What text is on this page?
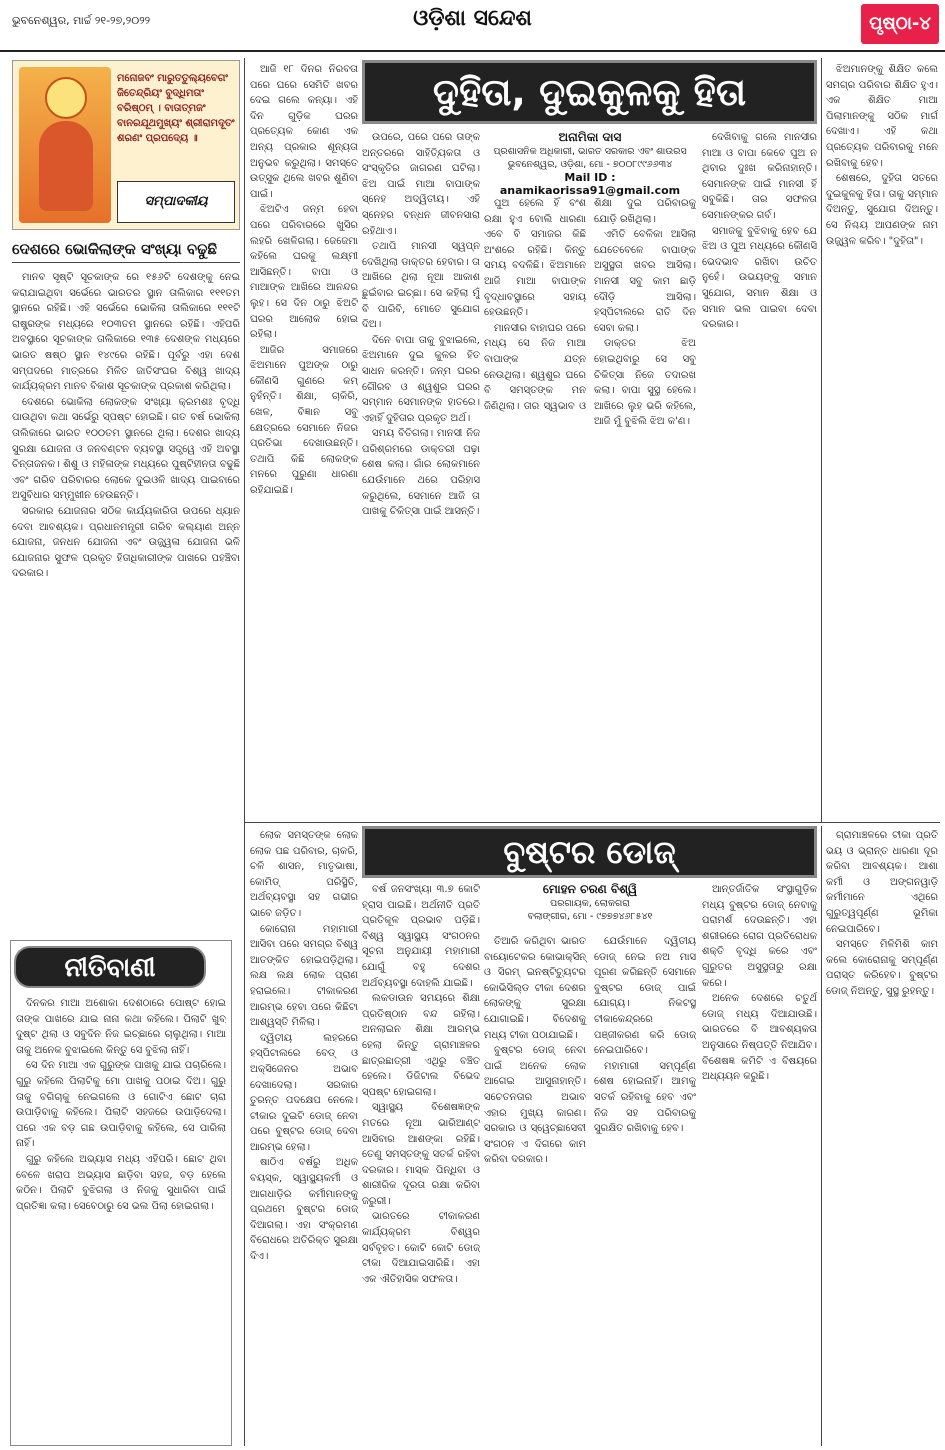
ଭୁବନେଶ୍ୱର, ମାର୍ଚ୍ଚ ୨୧-୨୭,୨୦୨୨	ଓଡ଼ିଶା ସନ୍ଦେଶ	ପୃଷ୍ଠା-୪
ମନୋଜବଂ ମାରୁତତୁଲ୍ୟବେଗଂ ଜିତେନ୍ଦ୍ରିୟଂ ବୁଦ୍ଧିମତାଂ ବରିଷ୍ଠମ୍ । ବାତାତ୍ମଜଂ ବାନରଯୂଥମୁଖ୍ୟଂ ଶ୍ରୀରାମଦୂତଂ ଶରଣଂ ପ୍ରପଦ୍ୟେ ॥
ସମ୍ପାଦକୀୟ
ଦେଶରେ ଭୋକିଲାଙ୍କ ସଂଖ୍ୟା ବଢୁଛି

ମାନବ ସୃଷ୍ଟି ସୂଚକାଙ୍କ ରେ ୧୫୬ଟି ଦେଶଙ୍କୁ ନେଇ କରାଯାଇଥିବା ସର୍ଭେରେ ଭାରତର ସ୍ଥାନ ତାଲିକାର ୧୧୧ତମ ସ୍ଥାନରେ ରହିଛି। ଏହି ସର୍ଭେରେ ଭୋକିଲା ତାଲିକାରେ ୧୧୧ଟି ରାଷ୍ଟ୍ରଙ୍କ ମଧ୍ୟରେ ୧୦୩ତମ ସ୍ଥାନରେ ରହିଛି। ଏହିପରି ଅବସ୍ଥାରେ ସୂଚକାଙ୍କ ତାଲିକାରେ ୧୩୫ ଦେଶଙ୍କ ମଧ୍ୟରେ ଭାରତ ଷଷ୍ଠ ସ୍ଥାନ ୧୪୯ରେ ରହିଛି। ପୂର୍ବରୁ ଏହା ଦେଶ ସମ୍ପଦରେ ମାତ୍ରରେ ମିଳିତ ଜାତିସଂଘର ବିଶ୍ୱ ଖାଦ୍ୟ କାର୍ଯ୍ୟକ୍ରମ ମାନବ ବିକାଶ ସୂଚକାଙ୍କ ପ୍ରକାଶ କରିଥିଲା।

ଦେଶରେ ଭୋକିଲା ଲୋକଙ୍କ ସଂଖ୍ୟା କ୍ରମଶଃ ବୃଦ୍ଧି ପାଉଥିବା କଥା ସର୍ଭେରୁ ସ୍ପଷ୍ଟ ହୋଇଛି। ଗତ ବର୍ଷ ଭୋକିଲା ତାଲିକାରେ ଭାରତ ୧୦୦ତମ ସ୍ଥାନରେ ଥିଲା। ଦେଶର ଖାଦ୍ୟ ସୁରକ୍ଷା ଯୋଜନା ଓ ଜନବଣ୍ଟନ ବ୍ୟବସ୍ଥା ସତ୍ତ୍ୱେ ଏହି ଅବସ୍ଥା ଚିନ୍ତାଜନକ। ଶିଶୁ ଓ ମହିଳାଙ୍କ ମଧ୍ୟରେ ପୁଷ୍ଟିହୀନତା ବଢୁଛି ଏବଂ ଗରିବ ପରିବାରର ଲୋକେ ଦୁଇଓଳି ଖାଦ୍ୟ ପାଇବାରେ ଅସୁବିଧାର ସମ୍ମୁଖୀନ ହେଉଛନ୍ତି।

ସରକାର ଯୋଜନାର ସଠିକ କାର୍ଯ୍ୟକାରିତା ଉପରେ ଧ୍ୟାନ ଦେବା ଆବଶ୍ୟକ। ପ୍ରଧାନମନ୍ତ୍ରୀ ଗରିବ କଲ୍ୟାଣ ଅନ୍ନ ଯୋଜନା, ଜନଧନ ଯୋଜନା ଏବଂ ଉଜ୍ଜ୍ୱଳା ଯୋଜନା ଭଳି ଯୋଜନାର ସୁଫଳ ପ୍ରକୃତ ହିତାଧିକାରୀଙ୍କ ପାଖରେ ପହଞ୍ଚିବା ଦରକାର।

ନୀତିବାଣୀ

ଦିନକର ମାଆ ଅଶୋକା ଦେଶଠାରେ ପୋଷ୍ଟ ହୋଇ ତାଙ୍କ ପାଖରେ ଯାଇ ନାନା କଥା କହିଲେ। ପିଲାଟି ଖୁବ୍ ଦୁଷ୍ଟ ଥିଲା ଓ ସବୁଦିନ ନିଜ ଇଚ୍ଛାରେ ଚାଲୁଥିଲା। ମାଆ ତାକୁ ଅନେକ ବୁଝାଇଲେ କିନ୍ତୁ ସେ ବୁଝିଲା ନାହିଁ।

ସେ ଦିନ ମାଆ ଏକ ଗୁରୁଙ୍କ ପାଖକୁ ଯାଇ ପଚାରିଲେ। ଗୁରୁ କହିଲେ ପିଲାଟିକୁ ମୋ ପାଖକୁ ପଠାଇ ଦିଅ। ଗୁରୁ ତାକୁ ବଗିଚାକୁ ନେଇଗଲେ ଓ ଗୋଟିଏ ଛୋଟ ଚାରା ଉପାଡ଼ିବାକୁ କହିଲେ। ପିଲାଟି ସହଜରେ ଉପାଡ଼ିଦେଲା। ପରେ ଏକ ବଡ଼ ଗଛ ଉପାଡ଼ିବାକୁ କହିଲେ, ସେ ପାରିଲା ନାହିଁ।

ଗୁରୁ କହିଲେ ଅଭ୍ୟାସ ମଧ୍ୟ ଏହିପରି। ଛୋଟ ଥିବା ବେଳେ ଖରାପ ଅଭ୍ୟାସ ଛାଡ଼ିବା ସହଜ, ବଡ଼ ହେଲେ କଠିନ। ପିଲାଟି ବୁଝିଗଲା ଓ ନିଜକୁ ସୁଧାରିବା ପାଇଁ ପ୍ରତିଜ୍ଞା କଲା। ସେବେଠାରୁ ସେ ଭଲ ପିଲା ହୋଇଗଲା।

ଆଜି ୧୮ ଦିନର ନିରବତା ପରେ ଘରେ ସେମିତି ଖବର ଦେଇ ଗଲେ କନ୍ୟା। ଏହି ଦିନ ଗୁଡ଼ିକ ଘରର ପ୍ରତ୍ୟେକ କୋଣ ଏକ ଅନ୍ୟ ପ୍ରକାର ଶୂନ୍ୟତା ଅନୁଭବ କରୁଥିଲା। ସମସ୍ତେ ଉତ୍ସୁକ ଥିଲେ ଖବର ଶୁଣିବା ପାଇଁ।

ଝିଅଟିଏ ଜନ୍ମ ହେବା ପରେ ପରିବାରରେ ଖୁସିର ଲହରି ଖେଳିଗଲା। ଜେଜେମା କହିଲେ ଘରକୁ ଲକ୍ଷ୍ମୀ ଆସିଛନ୍ତି। ବାପା ଓ ମାଆଙ୍କ ଆଖିରେ ଆନନ୍ଦର ଲୁହ। ସେ ଦିନ ଠାରୁ ଝିଅଟି ଘରର ଆଲୋକ ହୋଇ ରହିଲା।

ଆଜିର ସମାଜରେ ଝିଅମାନେ ପୁଅଙ୍କ ଠାରୁ କୌଣସି ଗୁଣରେ କମ୍ ନୁହଁନ୍ତି। ଶିକ୍ଷା, ଚାକିରି, ଖେଳ, ବିଜ୍ଞାନ ସବୁ କ୍ଷେତ୍ରରେ ସେମାନେ ନିଜର ପ୍ରତିଭା ଦେଖାଉଛନ୍ତି। ତଥାପି କିଛି ଲୋକଙ୍କ ମନରେ ପୁରୁଣା ଧାରଣା ରହିଯାଇଛି।

ଦୁହିତା, ଦୁଇକୁଳକୁ ହିତା
ଅନାମିକା ଦାସ
ପ୍ରଶାସନିକ ଅଧିକାରୀ, ଭାରତ ସରକାର ଏବଂ ଶାଉରସ
ଭୁବନେଶ୍ୱର, ଓଡ଼ିଶା, ମୋ - ୭୦୦୮୯୯୬୬୩୪
Mail ID : anamikaorissa91@gmail.com

ଉପରେ, ପରେ ପରେ ତାଙ୍କ ଅନ୍ତରରେ ସାହିତ୍ୟିକତା ଓ ସଂସ୍କୃତିର ଜାଗରଣ ଘଟିଲା। ଝିଅ ପାଇଁ ମାଆ ବାପାଙ୍କ ସ୍ନେହ ଅଦ୍ୱିତୀୟ। ଏହି ସ୍ନେହର ବନ୍ଧନ ଜୀବନସାରା ରହିଥାଏ।

ତଥାପି ମାନସୀ ସ୍ୱପ୍ନ ଦେଖିଥିଲା ଡାକ୍ତର ହେବାର। ତା ଆଖିରେ ଥିଲା ନୂଆ ଆକାଶ ଛୁଇଁବାର ଇଚ୍ଛା। ସେ କହିଲା ମୁଁ ବି ପାରିବି, ମୋତେ ସୁଯୋଗ ଦିଅ।

ଦିନେ ବାପା ତାକୁ ବୁଝାଇଲେ, ଝିଅମାନେ ଦୁଇ କୁଳର ହିତ ସାଧନ କରନ୍ତି। ଜନ୍ମ ଘରର ଗୌରବ ଓ ଶ୍ୱଶୁର ଘରର ସମ୍ମାନ ସେମାନଙ୍କ ହାତରେ। ଏହାହିଁ ଦୁହିତାର ପ୍ରକୃତ ଅର୍ଥ।

ସମୟ ବିତିଗଲା। ମାନସୀ ନିଜ ପରିଶ୍ରମରେ ଡାକ୍ତରୀ ପଢ଼ା ଶେଷ କଲା। ଗାଁର ଲୋକମାନେ ଯେଉଁମାନେ ଥରେ ପରିହାସ କରୁଥିଲେ, ସେମାନେ ଆଜି ତା ପାଖକୁ ଚିକିତ୍ସା ପାଇଁ ଆସନ୍ତି।

ପୁଅ ହେଲେ ହିଁ ବଂଶ ରକ୍ଷା ହୁଏ ବୋଲି ଧାରଣା ଏବେ ବି ସମାଜର କିଛି ଅଂଶରେ ରହିଛି। କିନ୍ତୁ ସମୟ ବଦଳିଛି। ଝିଅମାନେ ଆଜି ମାଆ ବାପାଙ୍କ ବୃଦ୍ଧାବସ୍ଥାରେ ସହାୟ ହେଉଛନ୍ତି।

ମାନସୀର ବାହାଘର ପରେ ମଧ୍ୟ ସେ ନିଜ ମାଆ ବାପାଙ୍କ ଯତ୍ନ ନେଉଥିଲା। ଶ୍ୱଶୁର ଘରେ ବି ସମସ୍ତଙ୍କ ମନ ଜିଣିଥିଲା। ତାର ସ୍ୱଭାବ ଓ ଶିକ୍ଷା ଦୁଇ ପରିବାରକୁ ଯୋଡ଼ି ରଖିଥିଲା।

ଏମିତି ବେଳିକା ଆସିଲା ଯେତେବେଳେ ବାପାଙ୍କ ଅସୁସ୍ଥତା ଖବର ଆସିଲା। ମାନସୀ ସବୁ କାମ ଛାଡ଼ି ଦୌଡ଼ି ଆସିଲା। ହସ୍ପିଟାଲରେ ରାତି ଦିନ ସେବା କଲା।

ଡାକ୍ତର ଝିଅ ହୋଇଥିବାରୁ ସେ ସବୁ ଚିକିତ୍ସା ନିଜେ ତଦାରଖ କଲା। ବାପା ସୁସ୍ଥ ହେଲେ। ଆଖିରେ ଲୁହ ଭରି କହିଲେ, ଆଜି ମୁଁ ବୁଝିଲି ଝିଅ କ'ଣ।

ଦେଖିବାକୁ ଗଲେ ମାନସୀର ମାଆ ଓ ବାପା କେବେ ପୁଅ ନ ଥିବାର ଦୁଃଖ କରିନାହାନ୍ତି। ସେମାନଙ୍କ ପାଇଁ ମାନସୀ ହିଁ ସବୁକିଛି। ତାର ସଫଳତା ସେମାନଙ୍କର ଗର୍ବ।

ସମାଜକୁ ବୁଝିବାକୁ ହେବ ଯେ ଝିଅ ଓ ପୁଅ ମଧ୍ୟରେ କୌଣସି ଭେଦଭାବ ରଖିବା ଉଚିତ ନୁହେଁ। ଉଭୟଙ୍କୁ ସମାନ ସୁଯୋଗ, ସମାନ ଶିକ୍ଷା ଓ ସମାନ ଭଲ ପାଇବା ଦେବା ଦରକାର।

ଝିଅମାନଙ୍କୁ ଶିକ୍ଷିତ କଲେ ସମଗ୍ର ପରିବାର ଶିକ୍ଷିତ ହୁଏ। ଏକ ଶିକ୍ଷିତ ମାଆ ପିଲାମାନଙ୍କୁ ସଠିକ ମାର୍ଗ ଦେଖାଏ। ଏହି କଥା ପ୍ରତ୍ୟେକ ପରିବାରକୁ ମନେ ରଖିବାକୁ ହେବ।

ଶେଷରେ, ଦୁହିତା ସତରେ ଦୁଇକୁଳକୁ ହିତା। ତାକୁ ସମ୍ମାନ ଦିଅନ୍ତୁ, ସୁଯୋଗ ଦିଅନ୍ତୁ। ସେ ନିଶ୍ଚୟ ଆପଣଙ୍କ ନାମ ଉଜ୍ଜ୍ୱଳ କରିବ। "ଦୁହିତା"।

ଲୋକ ସମସ୍ତଙ୍କ ଲୋକ ଲୋକ ପଛ ପରିବାର, ଚାକରି, ଚଳି ଶାସନ, ମାତୃଭାଷା, କୋମିଡ୍‌ ପରିସ୍ଥିତି, ଅର୍ଥବ୍ୟବସ୍ଥା ସହ ଗଭୀର ଭାବେ ଜଡ଼ିତ।

କୋରୋନା ମହାମାରୀ ଆସିବା ପରେ ସମଗ୍ର ବିଶ୍ୱ ଆତଙ୍କିତ ହୋଇପଡ଼ିଥିଲା। ଲକ୍ଷ ଲକ୍ଷ ଲୋକ ପ୍ରାଣ ହରାଇଲେ। ଟୀକାକରଣ ଆରମ୍ଭ ହେବା ପରେ କିଛିଟା ଆଶ୍ୱସ୍ତି ମିଳିଲା।

ଦ୍ୱିତୀୟ ଲହରରେ ହସ୍ପିଟାଲରେ ବେଡ୍ ଓ ଅକ୍ସିଜେନର ଅଭାବ ଦେଖାଦେଲା। ସରକାର ତୁରନ୍ତ ପଦକ୍ଷେପ ନେଲେ। ଟୀକାର ଦୁଇଟି ଡୋଜ୍ ନେବା ପରେ ବୁଷ୍ଟର ଡୋଜ୍ ଦେବା ଆରମ୍ଭ ହେଲା।

ଷାଠିଏ ବର୍ଷରୁ ଅଧିକ ବୟସ୍କ, ସ୍ୱାସ୍ଥ୍ୟକର୍ମୀ ଓ ଆଗଧାଡ଼ିର କର୍ମୀମାନଙ୍କୁ ପ୍ରଥମେ ବୁଷ୍ଟର ଡୋଜ୍ ଦିଆଗଲା। ଏହା ସଂକ୍ରମଣ ବିରୋଧରେ ଅତିରିକ୍ତ ସୁରକ୍ଷା ଦିଏ।

ବୁଷ୍ଟର ଡୋଜ୍
ମୋହନ ଚରଣ ବିଶ୍ୱି
ପରଗାୟକ, ଲୋକଗରା
ବଲାଙ୍ଗୀର, ମୋ - ୯୭୭୭୪୬୮୫୪୧

ବର୍ଷ ଜନସଂଖ୍ୟା ୩.୭ କୋଟି ହ୍ରାସ ପାଇଛି। ଅର୍ଥନୀତି ପ୍ରତି ପ୍ରତିକୂଳ ପ୍ରଭାବ ପଡ଼ିଛି। ବିଶ୍ୱ ସ୍ୱାସ୍ଥ୍ୟ ସଂଗଠନର ସୂଚନା ଅନୁଯାୟୀ ମହାମାରୀ ଯୋଗୁଁ ବହୁ ଦେଶର ଅର୍ଥବ୍ୟବସ୍ଥା ଦୋହଲି ଯାଇଛି।

ଲକଡାଉନ ସମୟରେ ଶିକ୍ଷା ପ୍ରତିଷ୍ଠାନ ବନ୍ଦ ରହିଲା। ଅନଲାଇନ ଶିକ୍ଷା ଆରମ୍ଭ ହେଲା କିନ୍ତୁ ଗ୍ରାମାଞ୍ଚଳର ଛାତ୍ରଛାତ୍ରୀ ଏଥିରୁ ବଞ୍ଚିତ ହେଲେ। ଡିଜିଟାଲ ବିଭେଦ ସ୍ପଷ୍ଟ ହୋଇଗଲା।

ସ୍ୱାସ୍ଥ୍ୟ ବିଶେଷଜ୍ଞଙ୍କ ମତରେ ନୂଆ ଭାରିଆଣ୍ଟ ଆସିବାର ଆଶଙ୍କା ରହିଛି। ତେଣୁ ସମସ୍ତଙ୍କୁ ସତର୍କ ରହିବା ଦରକାର। ମାସ୍କ ପିନ୍ଧିବା ଓ ଶାରୀରିକ ଦୂରତା ରକ୍ଷା କରିବା ଜରୁରୀ।

ଭାରତରେ ଟୀକାକରଣ କାର୍ଯ୍ୟକ୍ରମ ବିଶ୍ୱର ସର୍ବବୃହତ। କୋଟି କୋଟି ଡୋଜ୍ ଟୀକା ଦିଆଯାଇସାରିଛି। ଏହା ଏକ ଐତିହାସିକ ସଫଳତା।

ତିଆରି କରିଥିବା ଭାରତ ବାୟୋଟେକର କୋଭାକ୍ସିନ୍ ଓ ସିରମ୍ ଇନଷ୍ଟିଚ୍ୟୁଟର କୋଭିସିଲ୍ଡ ଟୀକା ଦେଶର ଲୋକଙ୍କୁ ସୁରକ୍ଷା ଯୋଗାଇଛି। ବିଦେଶକୁ ମଧ୍ୟ ଟୀକା ପଠାଯାଇଛି।

ବୁଷ୍ଟର ଡୋଜ୍ ନେବା ପାଇଁ ଅନେକ ଲୋକ ଆଗେଇ ଆସୁନାହାନ୍ତି। ସଚେତନତାର ଅଭାବ ଏହାର ମୁଖ୍ୟ କାରଣ। ସରକାର ଓ ସ୍ୱେଚ୍ଛାସେବୀ ସଂଗଠନ ଏ ଦିଗରେ କାମ କରିବା ଦରକାର।

ଯେଉଁମାନେ ଦ୍ୱିତୀୟ ଡୋଜ୍ ନେଇ ନଅ ମାସ ପୂରଣ କରିଛନ୍ତି ସେମାନେ ବୁଷ୍ଟର ଡୋଜ୍ ପାଇଁ ଯୋଗ୍ୟ। ନିକଟସ୍ଥ ଟୀକାକେନ୍ଦ୍ରରେ ପଞ୍ଜୀକରଣ କରି ଡୋଜ୍ ନେଇପାରିବେ।

ମହାମାରୀ ସମ୍ପୂର୍ଣ୍ଣ ଶେଷ ହୋଇନାହିଁ। ଆମକୁ ସତର୍କ ରହିବାକୁ ହେବ ଏବଂ ନିଜ ସହ ପରିବାରକୁ ସୁରକ୍ଷିତ ରଖିବାକୁ ହେବ।

ଆନ୍ତର୍ଜାତିକ ସଂସ୍ଥାଗୁଡ଼ିକ ମଧ୍ୟ ବୁଷ୍ଟର ଡୋଜ୍ ନେବାକୁ ପରାମର୍ଶ ଦେଉଛନ୍ତି। ଏହା ଶରୀରରେ ରୋଗ ପ୍ରତିରୋଧକ ଶକ୍ତି ବୃଦ୍ଧି କରେ ଏବଂ ଗୁରୁତର ଅସୁସ୍ଥତାରୁ ରକ୍ଷା କରେ।

ଅନେକ ଦେଶରେ ଚତୁର୍ଥ ଡୋଜ୍ ମଧ୍ୟ ଦିଆଯାଉଛି। ଭାରତରେ ବି ଆବଶ୍ୟକତା ଅନୁସାରେ ନିଷ୍ପତ୍ତି ନିଆଯିବ। ବିଶେଷଜ୍ଞ କମିଟି ଏ ବିଷୟରେ ଅଧ୍ୟୟନ କରୁଛି।

ଗ୍ରାମାଞ୍ଚଳରେ ଟୀକା ପ୍ରତି ଭୟ ଓ ଭ୍ରାନ୍ତ ଧାରଣା ଦୂର କରିବା ଆବଶ୍ୟକ। ଆଶା କର୍ମୀ ଓ ଅଙ୍ଗନୱାଡ଼ି କର୍ମୀମାନେ ଏଥିରେ ଗୁରୁତ୍ୱପୂର୍ଣ୍ଣ ଭୂମିକା ନେଇପାରିବେ।

ସମସ୍ତେ ମିଳିମିଶି କାମ କଲେ କୋରୋନାକୁ ସମ୍ପୂର୍ଣ୍ଣ ପରାସ୍ତ କରିହେବ। ବୁଷ୍ଟର ଡୋଜ୍ ନିଅନ୍ତୁ, ସୁସ୍ଥ ରୁହନ୍ତୁ।
